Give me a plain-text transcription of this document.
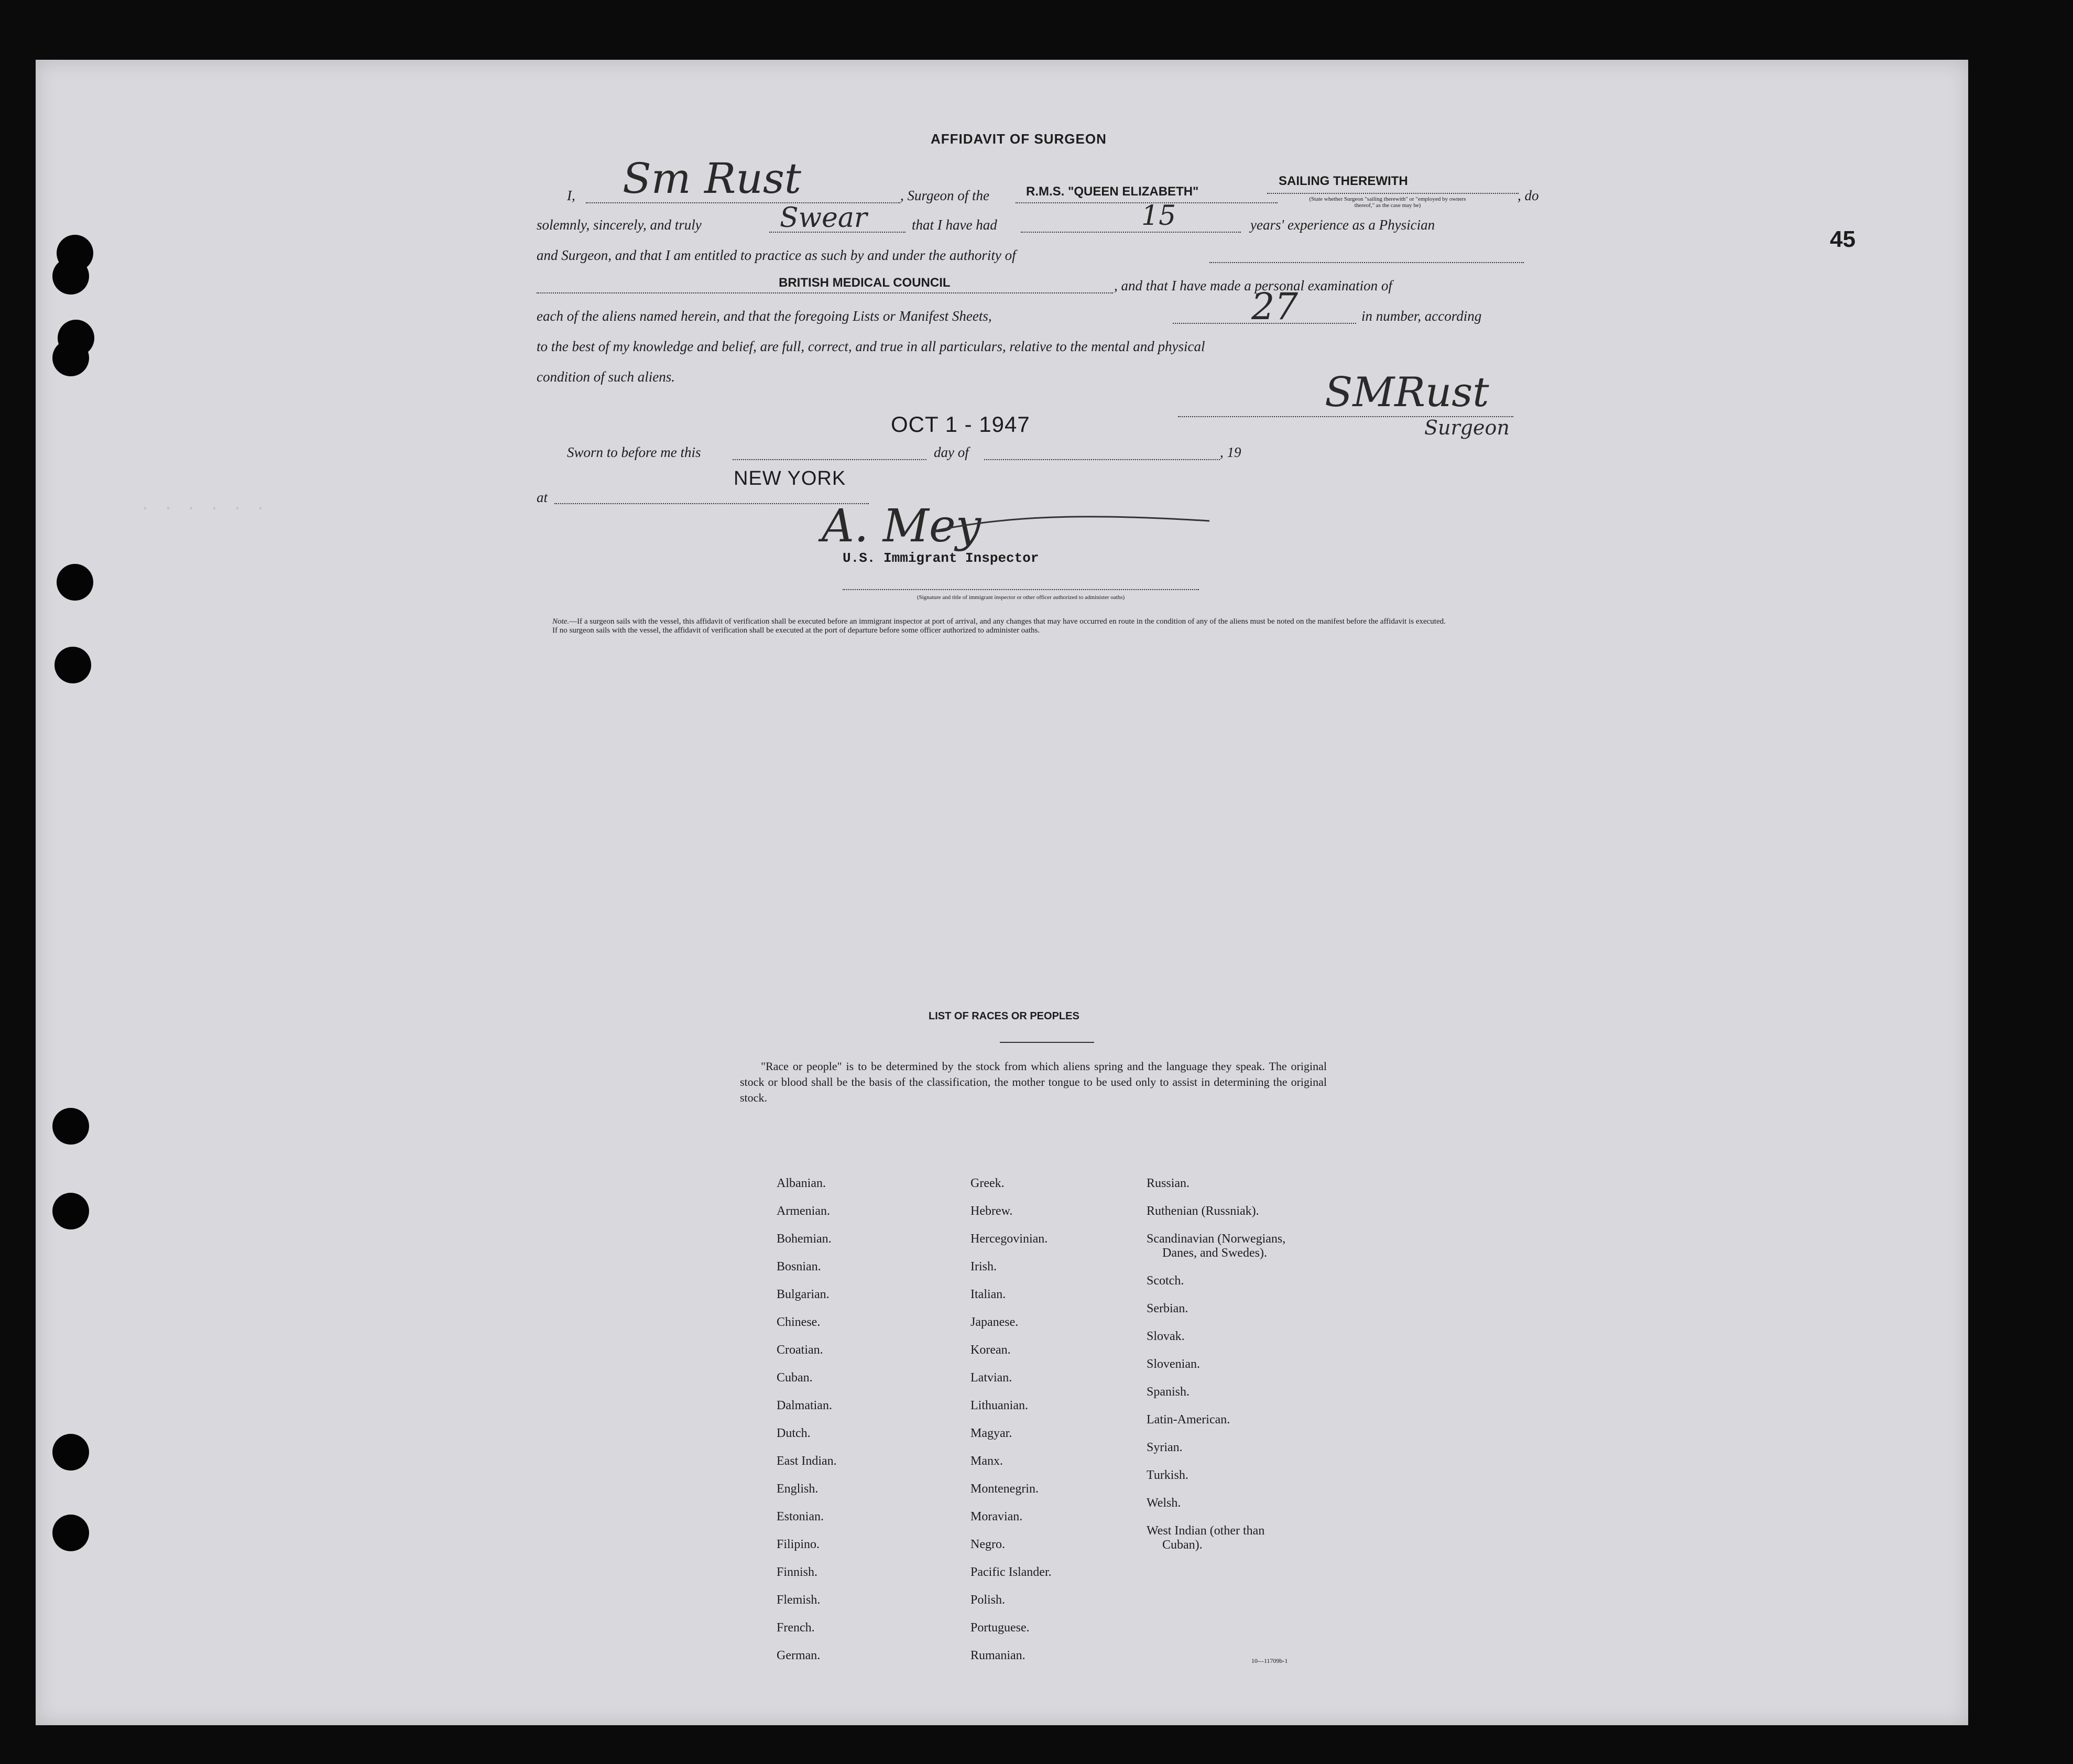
· · · · · ·
45
AFFIDAVIT OF SURGEON
I, Sm Rust	, Surgeon of the	R.M.S. "QUEEN ELIZABETH"
SAILING THEREWITH
(State whether Surgeon "sailing therewith" or "employed by owners thereof," as the case may be)
, do
solemnly, sincerely, and truly	Swear	that I have had	15	years' experience as a Physician
and Surgeon, and that I am entitled to practice as such by and under the authority of
BRITISH MEDICAL COUNCIL	, and that I have made a personal examination of
each of the aliens named herein, and that the foregoing Lists or Manifest Sheets,	27	in number, according
to the best of my knowledge and belief, are full, correct, and true in all particulars, relative to the mental and physical
condition of such aliens.	SMRust
Surgeon
OCT 1 - 1947
Sworn to before me this	day of	, 19
at
NEW YORK
A. Mey
U.S. Immigrant Inspector
(Signature and title of immigrant inspector or other officer authorized to administer oaths)
Note.—If a surgeon sails with the vessel, this affidavit of verification shall be executed before an immigrant inspector at port of arrival, and any changes that may have occurred en route in the condition of any of the aliens must be noted on the manifest before the affidavit is executed.
If no surgeon sails with the vessel, the affidavit of verification shall be executed at the port of departure before some officer authorized to administer oaths.
LIST OF RACES OR PEOPLES
"Race or people" is to be determined by the stock from which aliens spring and the language they speak. The original stock or blood shall be the basis of the classification, the mother tongue to be used only to assist in determining the original stock.
Albanian.
Armenian.
Bohemian.
Bosnian.
Bulgarian.
Chinese.
Croatian.
Cuban.
Dalmatian.
Dutch.
East Indian.
English.
Estonian.
Filipino.
Finnish.
Flemish.
French.
German.
Greek.
Hebrew.
Hercegovinian.
Irish.
Italian.
Japanese.
Korean.
Latvian.
Lithuanian.
Magyar.
Manx.
Montenegrin.
Moravian.
Negro.
Pacific Islander.
Polish.
Portuguese.
Rumanian.
Russian.
Ruthenian (Russniak).
Scandinavian (Norwegians,
Danes, and Swedes).
Scotch.
Serbian.
Slovak.
Slovenian.
Spanish.
Latin-American.
Syrian.
Turkish.
Welsh.
West Indian (other than
Cuban).
10—11709b-1
